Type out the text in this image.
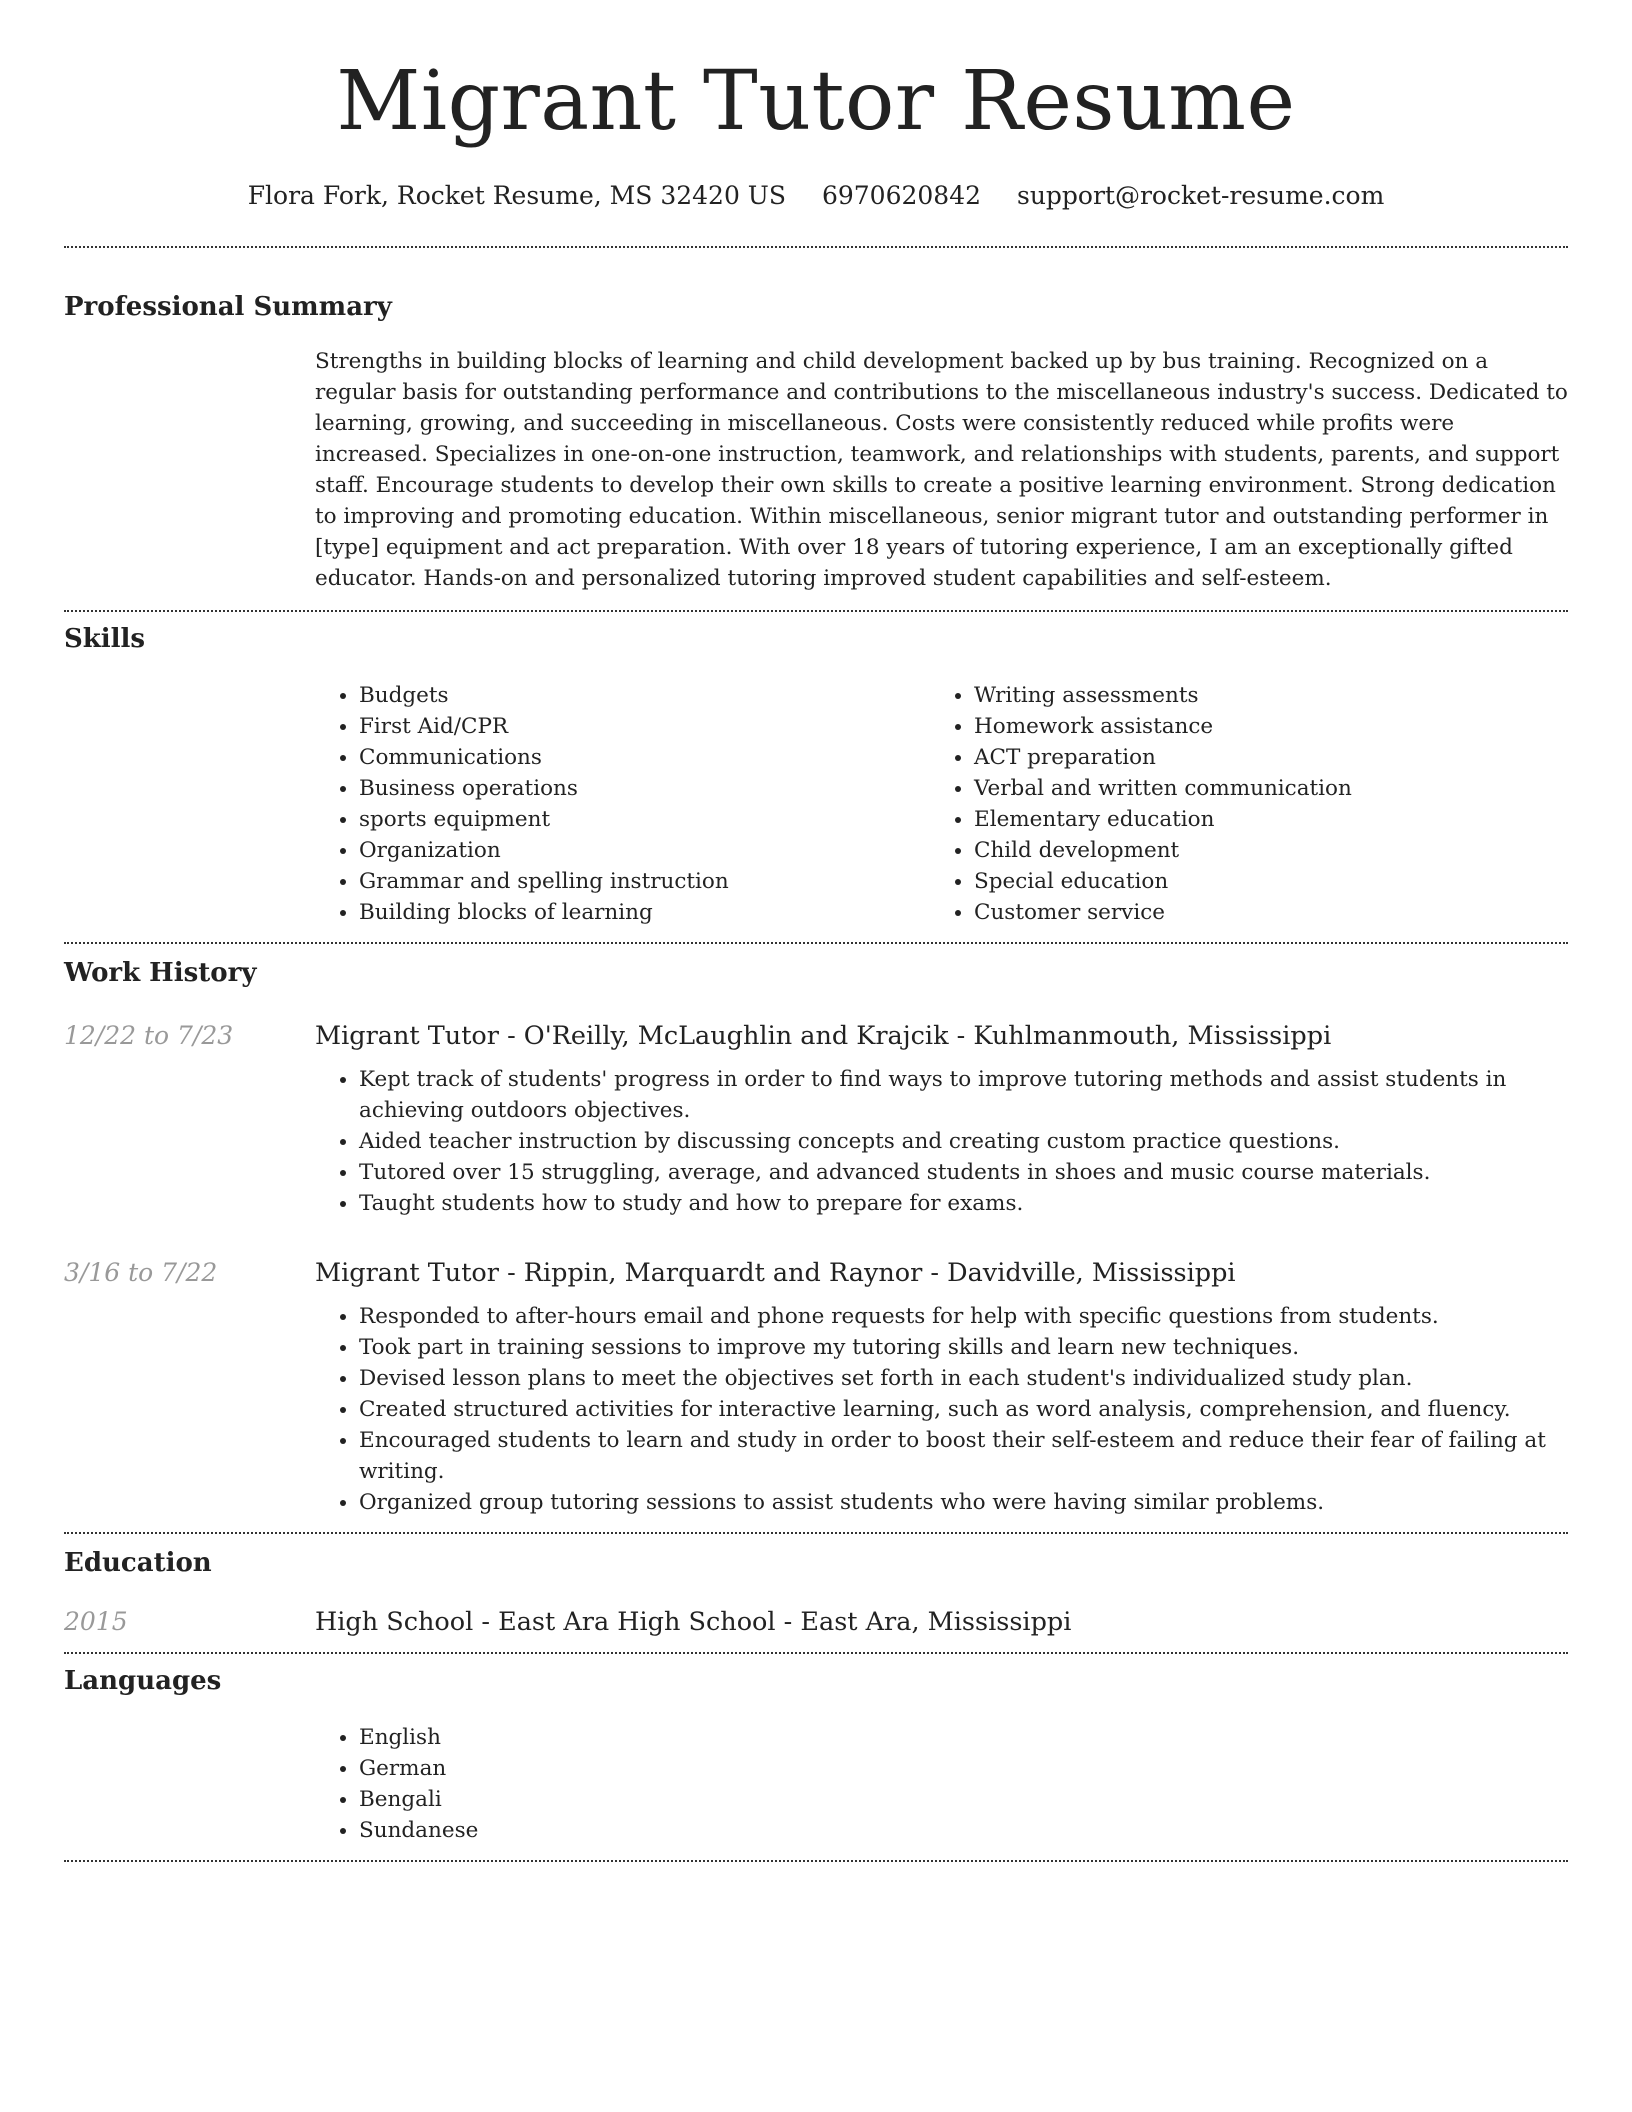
Migrant Tutor Resume
Flora Fork, Rocket Resume, MS 32420 US 6970620842 support@rocket-resume.com
Professional Summary
Strengths in building blocks of learning and child development backed up by bus training. Recognized on a regular basis for outstanding performance and contributions to the miscellaneous industry's success. Dedicated to learning, growing, and succeeding in miscellaneous. Costs were consistently reduced while profits were increased. Specializes in one-on-one instruction, teamwork, and relationships with students, parents, and support staff. Encourage students to develop their own skills to create a positive learning environment. Strong dedication to improving and promoting education. Within miscellaneous, senior migrant tutor and outstanding performer in [type] equipment and act preparation. With over 18 years of tutoring experience, I am an exceptionally gifted educator. Hands-on and personalized tutoring improved student capabilities and self-esteem.
Skills
• Budgets
• First Aid/CPR
• Communications
• Business operations
• sports equipment
• Organization
• Grammar and spelling instruction
• Building blocks of learning
• Writing assessments
• Homework assistance
• ACT preparation
• Verbal and written communication
• Elementary education
• Child development
• Special education
• Customer service
Work History
12/22 to 7/23	Migrant Tutor - O'Reilly, McLaughlin and Krajcik - Kuhlmanmouth, Mississippi
• Kept track of students' progress in order to find ways to improve tutoring methods and assist students in achieving outdoors objectives.
• Aided teacher instruction by discussing concepts and creating custom practice questions.
• Tutored over 15 struggling, average, and advanced students in shoes and music course materials.
• Taught students how to study and how to prepare for exams.
3/16 to 7/22	Migrant Tutor - Rippin, Marquardt and Raynor - Davidville, Mississippi
• Responded to after-hours email and phone requests for help with specific questions from students.
• Took part in training sessions to improve my tutoring skills and learn new techniques.
• Devised lesson plans to meet the objectives set forth in each student's individualized study plan.
• Created structured activities for interactive learning, such as word analysis, comprehension, and fluency.
• Encouraged students to learn and study in order to boost their self-esteem and reduce their fear of failing at writing.
• Organized group tutoring sessions to assist students who were having similar problems.
Education
2015	High School - East Ara High School - East Ara, Mississippi
Languages
• English
• German
• Bengali
• Sundanese
